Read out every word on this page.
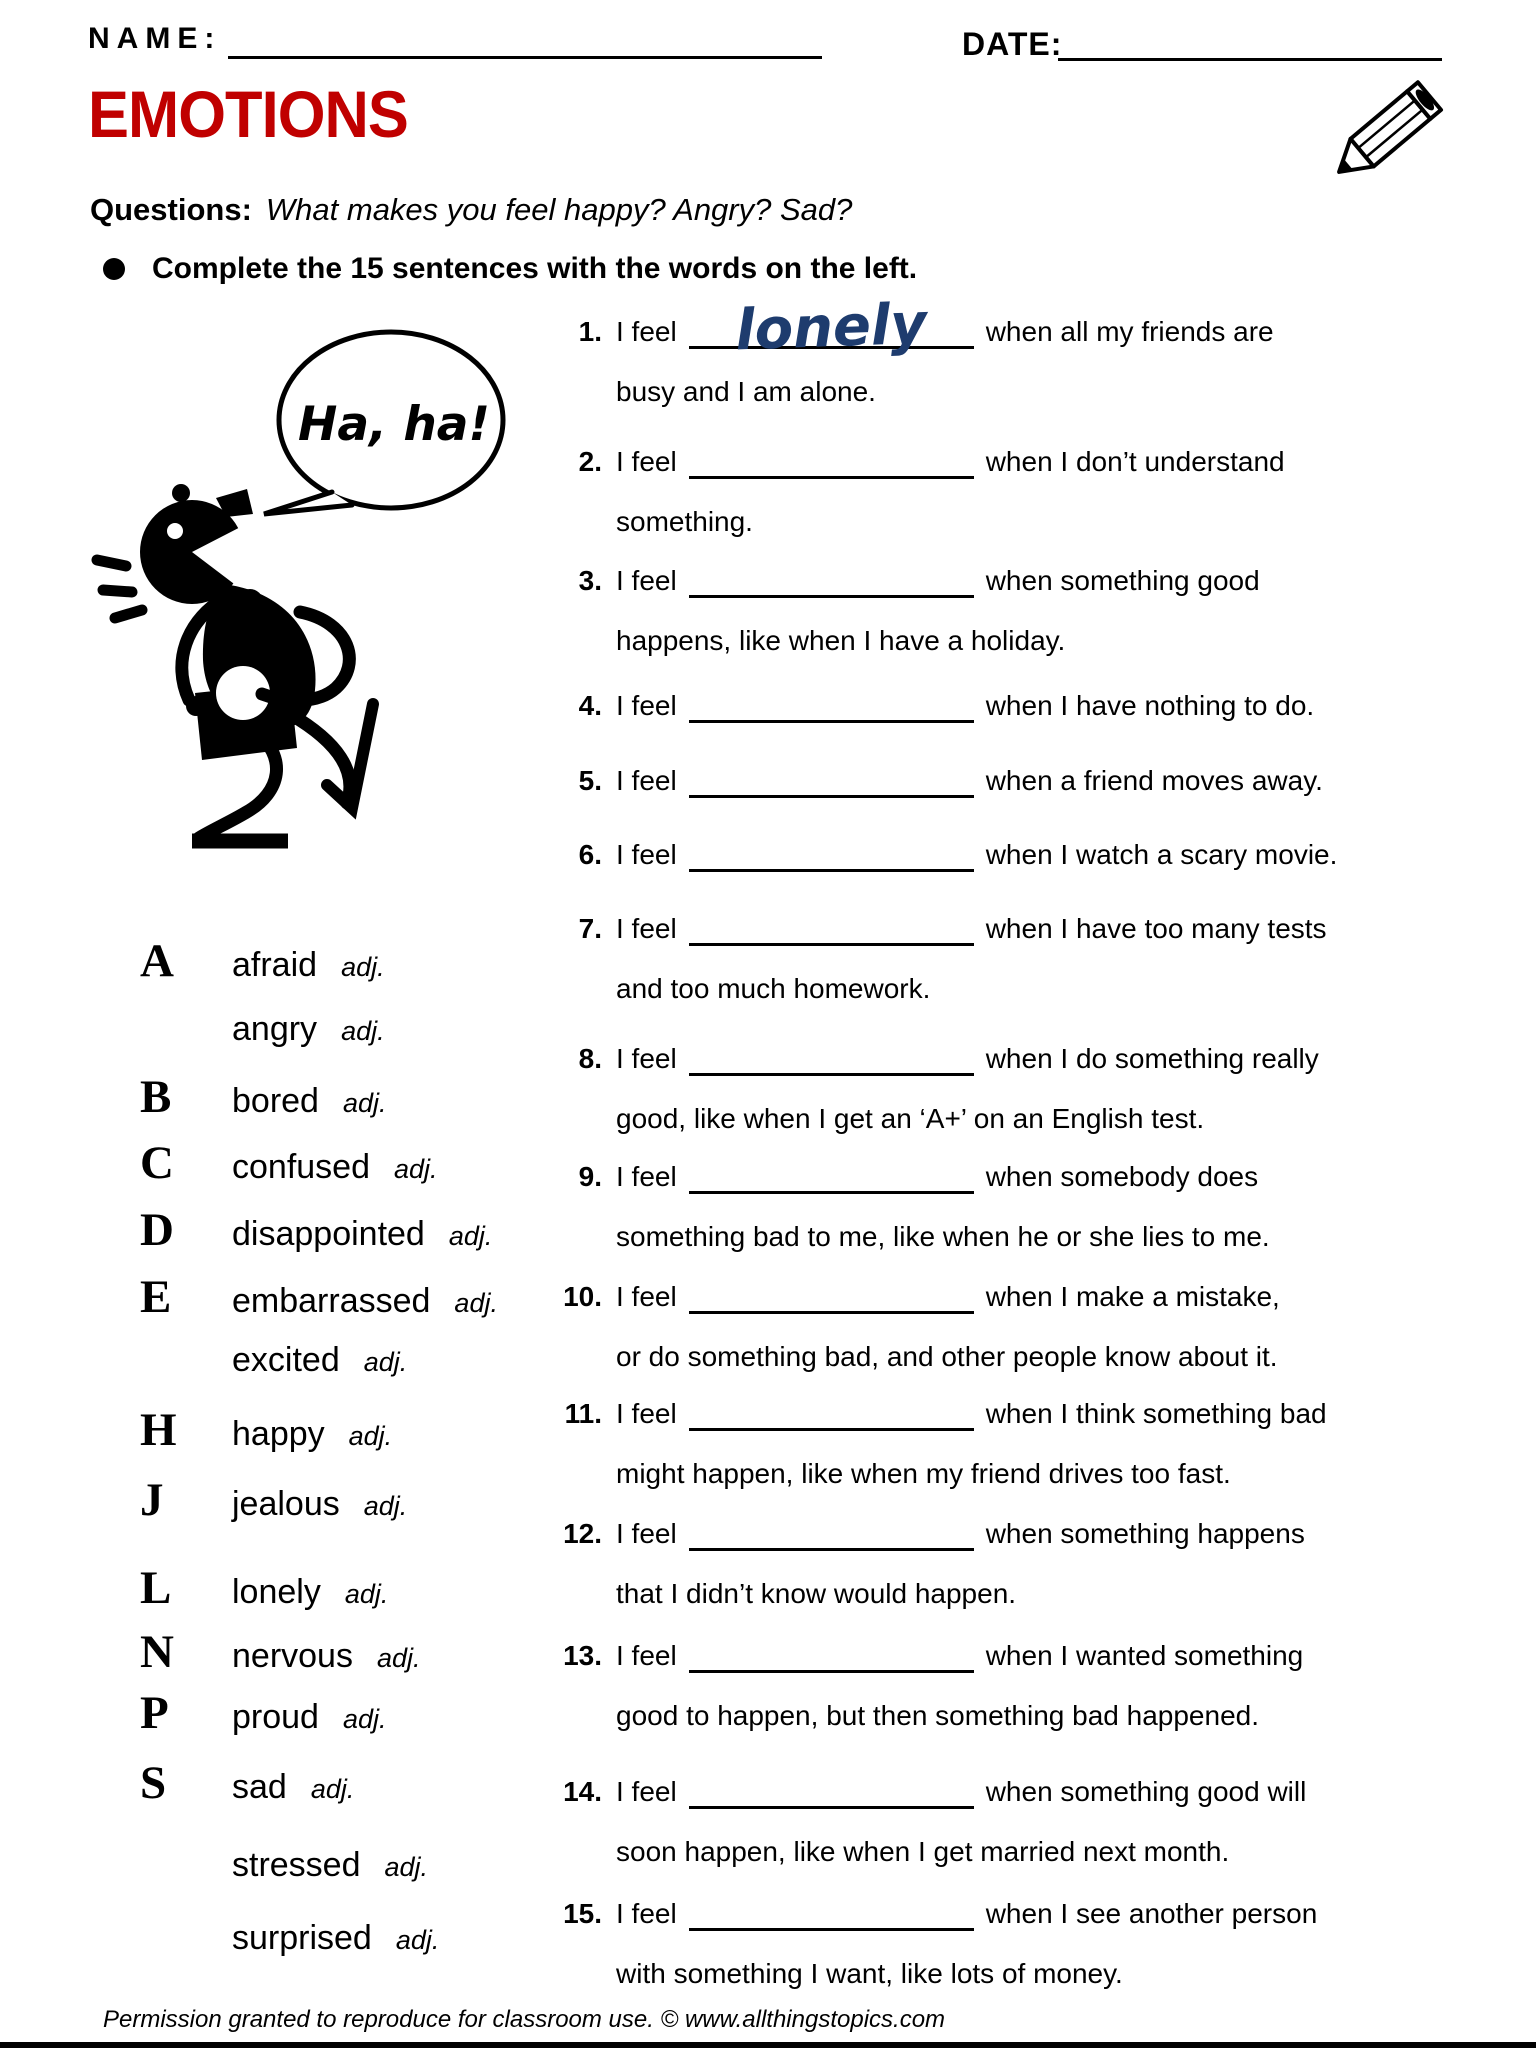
NAME:	DATE:
EMOTIONS
Questions: What makes you feel happy? Angry? Sad?
Complete the 15 sentences with the words on the left.
Ha, ha!
A afraid adj.
angry adj.
B bored adj.
C confused adj.
D disappointed adj.
E embarrassed adj.
excited adj.
H happy adj.
J jealous adj.
L lonely adj.
N nervous adj.
P proud adj.
S sad adj.
stressed adj.
surprised adj.
1. I feel lonely when all my friends are
busy and I am alone.
2. I feel	when I don’t understand
something.
3. I feel	when something good
happens, like when I have a holiday.
4. I feel	when I have nothing to do.
5. I feel	when a friend moves away.
6. I feel	when I watch a scary movie.
7. I feel	when I have too many tests
and too much homework.
8. I feel	when I do something really
good, like when I get an ‘A+’ on an English test.
9. I feel	when somebody does
something bad to me, like when he or she lies to me.
10. I feel	when I make a mistake,
or do something bad, and other people know about it.
11. I feel	when I think something bad
might happen, like when my friend drives too fast.
12. I feel	when something happens
that I didn’t know would happen.
13. I feel	when I wanted something
good to happen, but then something bad happened.
14. I feel	when something good will
soon happen, like when I get married next month.
15. I feel	when I see another person
with something I want, like lots of money.
Permission granted to reproduce for classroom use. © www.allthingstopics.com
